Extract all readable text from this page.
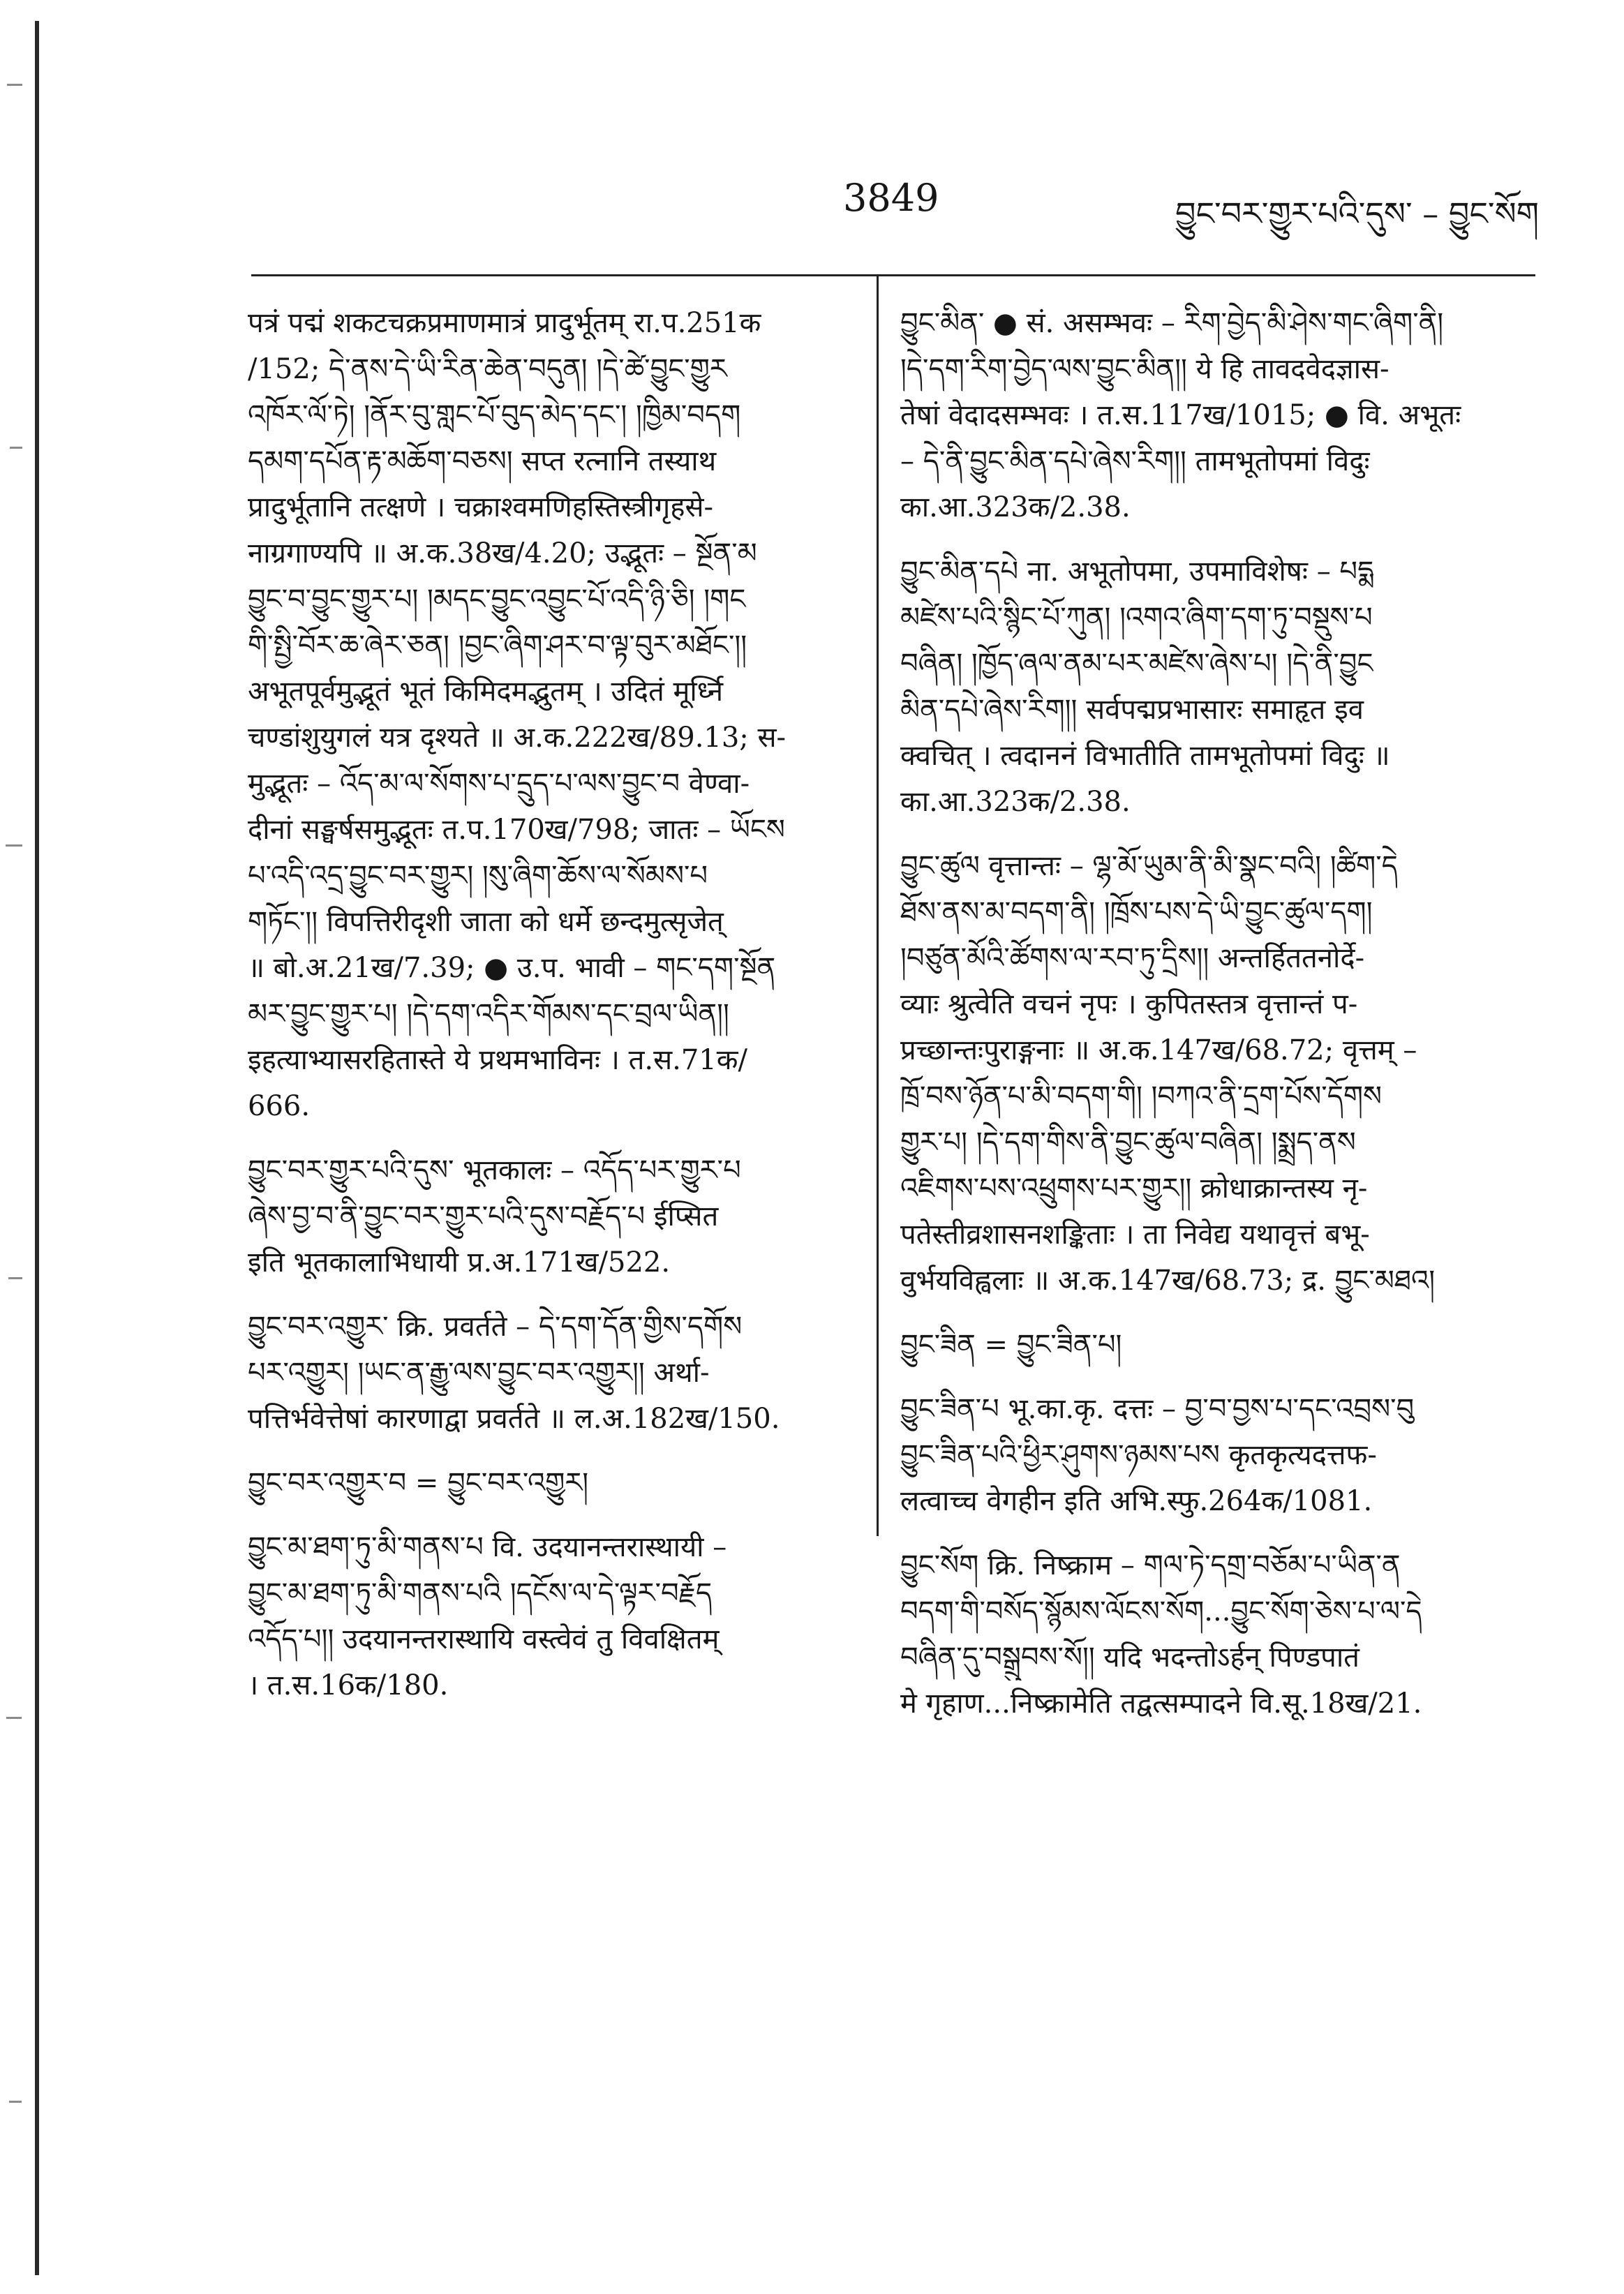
3849	བྱུང་བར་གྱུར་པའི་དུས་ – བྱུང་སོག
पत्रं पद्मं शकटचक्रप्रमाणमात्रं प्रादुर्भूतम् रा.प.251क
/152; དེ་ནས་དེ་ཡི་རིན་ཆེན་བདུན། །དེ་ཚེ་བྱུང་གྱུར
འཁོར་ལོ་ཏེ། །ནོར་བུ་གླང་པོ་བུད་མེད་དང་། །ཁྱིམ་བདག
དམག་དཔོན་རྟ་མཆོག་བཅས། सप्त रत्नानि तस्याथ
प्रादुर्भूतानि तत्क्षणे । चक्राश्वमणिहस्तिस्त्रीगृहसे-
नाग्रगाण्यपि ॥ अ.क.38ख/4.20; उद्भूतः – སྔོན་མ
བྱུང་བ་བྱུང་གྱུར་པ། །མདང་བྱུང་འབྱུང་པོ་འདི་ཉི་ཅི། །གང
གི་སྤྱི་བོར་ཆ་ཞེར་ཅན། །བྱང་ཞིག་ཤར་བ་ལྟ་བུར་མཐོང་།།
अभूतपूर्वमुद्भूतं भूतं किमिदमद्भुतम् । उदितं मूर्ध्नि
चण्डांशुयुगलं यत्र दृश्यते ॥ अ.क.222ख/89.13; स-
मुद्भूतः – འོད་མ་ལ་སོགས་པ་དྲུད་པ་ལས་བྱུང་བ वेण्वा-
दीनां सङ्घर्षसमुद्भूतः त.प.170ख/798; जातः – ཡོངས
པ་འདི་འདྲ་བྱུང་བར་གྱུར། །སུ་ཞིག་ཆོས་ལ་སོམས་པ
གཏོང་།། विपत्तिरीदृशी जाता को धर्मे छन्दमुत्सृजेत्
॥ बो.अ.21ख/7.39; ● उ.प. भावी – གང་དག་སྔོན
མར་བྱུང་གྱུར་པ། །དེ་དག་འདིར་གོམས་དང་བྲལ་ཡིན།།
इहत्याभ्यासरहितास्ते ये प्रथमभाविनः । त.स.71क/
666.
བྱུང་བར་གྱུར་པའི་དུས་ भूतकालः – འདོད་པར་གྱུར་པ
ཞེས་བྱ་བ་ནི་བྱུང་བར་གྱུར་པའི་དུས་བརྗོད་པ ईप्सित
इति भूतकालाभिधायी प्र.अ.171ख/522.
བྱུང་བར་འགྱུར་ क्रि. प्रवर्तते – དེ་དག་དོན་གྱིས་དགོས
པར་འགྱུར། །ཡང་ན་རྒྱུ་ལས་བྱུང་བར་འགྱུར།། अर्था-
पत्तिर्भवेत्तेषां कारणाद्वा प्रवर्तते ॥ ल.अ.182ख/150.
བྱུང་བར་འགྱུར་བ = བྱུང་བར་འགྱུར།
བྱུང་མ་ཐག་ཏུ་མི་གནས་པ वि. उदयानन्तरास्थायी –
བྱུང་མ་ཐག་ཏུ་མི་གནས་པའི །དངོས་ལ་དེ་ལྟར་བརྗོད
འདོད་པ།། उदयानन्तरास्थायि वस्त्वेवं तु विवक्षितम्
। त.स.16क/180.
བྱུང་མིན་ ● सं. असम्भवः – རིག་བྱེད་མི་ཤེས་གང་ཞིག་ནི།
།དེ་དག་རིག་བྱེད་ལས་བྱུང་མིན།། ये हि तावदवेदज्ञास-
तेषां वेदादसम्भवः । त.स.117ख/1015; ● वि. अभूतः
– དེ་ནི་བྱུང་མིན་དཔེ་ཞེས་རིག།། तामभूतोपमां विदुः
का.आ.323क/2.38.
བྱུང་མིན་དཔེ ना. अभूतोपमा, उपमाविशेषः – པདྨ
མཛེས་པའི་སྙིང་པོ་ཀུན། །འགའ་ཞིག་དག་ཏུ་བསྡུས་པ
བཞིན། །ཁྱོད་ཞལ་ནམ་པར་མཛེས་ཞེས་པ། །དེ་ནི་བྱུང
མིན་དཔེ་ཞེས་རིག།། सर्वपद्मप्रभासारः समाहृत इव
क्वचित् । त्वदाननं विभातीति तामभूतोपमां विदुः ॥
का.आ.323क/2.38.
བྱུང་ཚུལ वृत्तान्तः – ལྷ་མོ་ཡུམ་ནི་མི་སྣང་བའི། །ཚིག་དེ
ཐོས་ནས་མ་བདག་ནི། །ཁྲོས་པས་དེ་ཡི་བྱུང་ཚུལ་དག།
།བཙུན་མོའི་ཚོགས་ལ་རབ་ཏུ་དྲིས།། अन्तर्हिततनोर्दे-
व्याः श्रुत्वेति वचनं नृपः । कुपितस्तत्र वृत्तान्तं प-
प्रच्छान्तःपुराङ्गनाः ॥ अ.क.147ख/68.72; वृत्तम् –
ཁྲོ་བས་ཉོན་པ་མི་བདག་གི། །བཀའ་ནི་དྲག་པོས་དོགས
གྱུར་པ། །དེ་དག་གིས་ནི་བྱུང་ཚུལ་བཞིན། །སྨྲད་ནས
འཇིགས་པས་འཕྲུགས་པར་གྱུར།། क्रोधाक्रान्तस्य नृ-
पतेस्तीव्रशासनशङ्किताः । ता निवेद्य यथावृत्तं बभू-
वुर्भयविह्वलाः ॥ अ.क.147ख/68.73; द्र. བྱུང་མཐའ།
བྱུང་ཟིན = བྱུང་ཟིན་པ།
བྱུང་ཟིན་པ भू.का.कृ. दत्तः – བྱ་བ་བྱས་པ་དང་འབྲས་བུ
བྱུང་ཟིན་པའི་ཕྱིར་ཤུགས་ཉམས་པས कृतकृत्यदत्तफ-
लत्वाच्च वेगहीन इति अभि.स्फु.264क/1081.
བྱུང་སོག क्रि. निष्क्राम – གལ་ཏེ་དགྲ་བཅོམ་པ་ཡིན་ན
བདག་གི་བསོད་སྙོམས་ལོངས་སོག...བྱུང་སོག་ཅེས་པ་ལ་དེ
བཞིན་དུ་བསྒྲུབས་སོ།། यदि भदन्तोऽर्हन् पिण्डपातं
मे गृहाण...निष्क्रामेति तद्वत्सम्पादने वि.सू.18ख/21.
